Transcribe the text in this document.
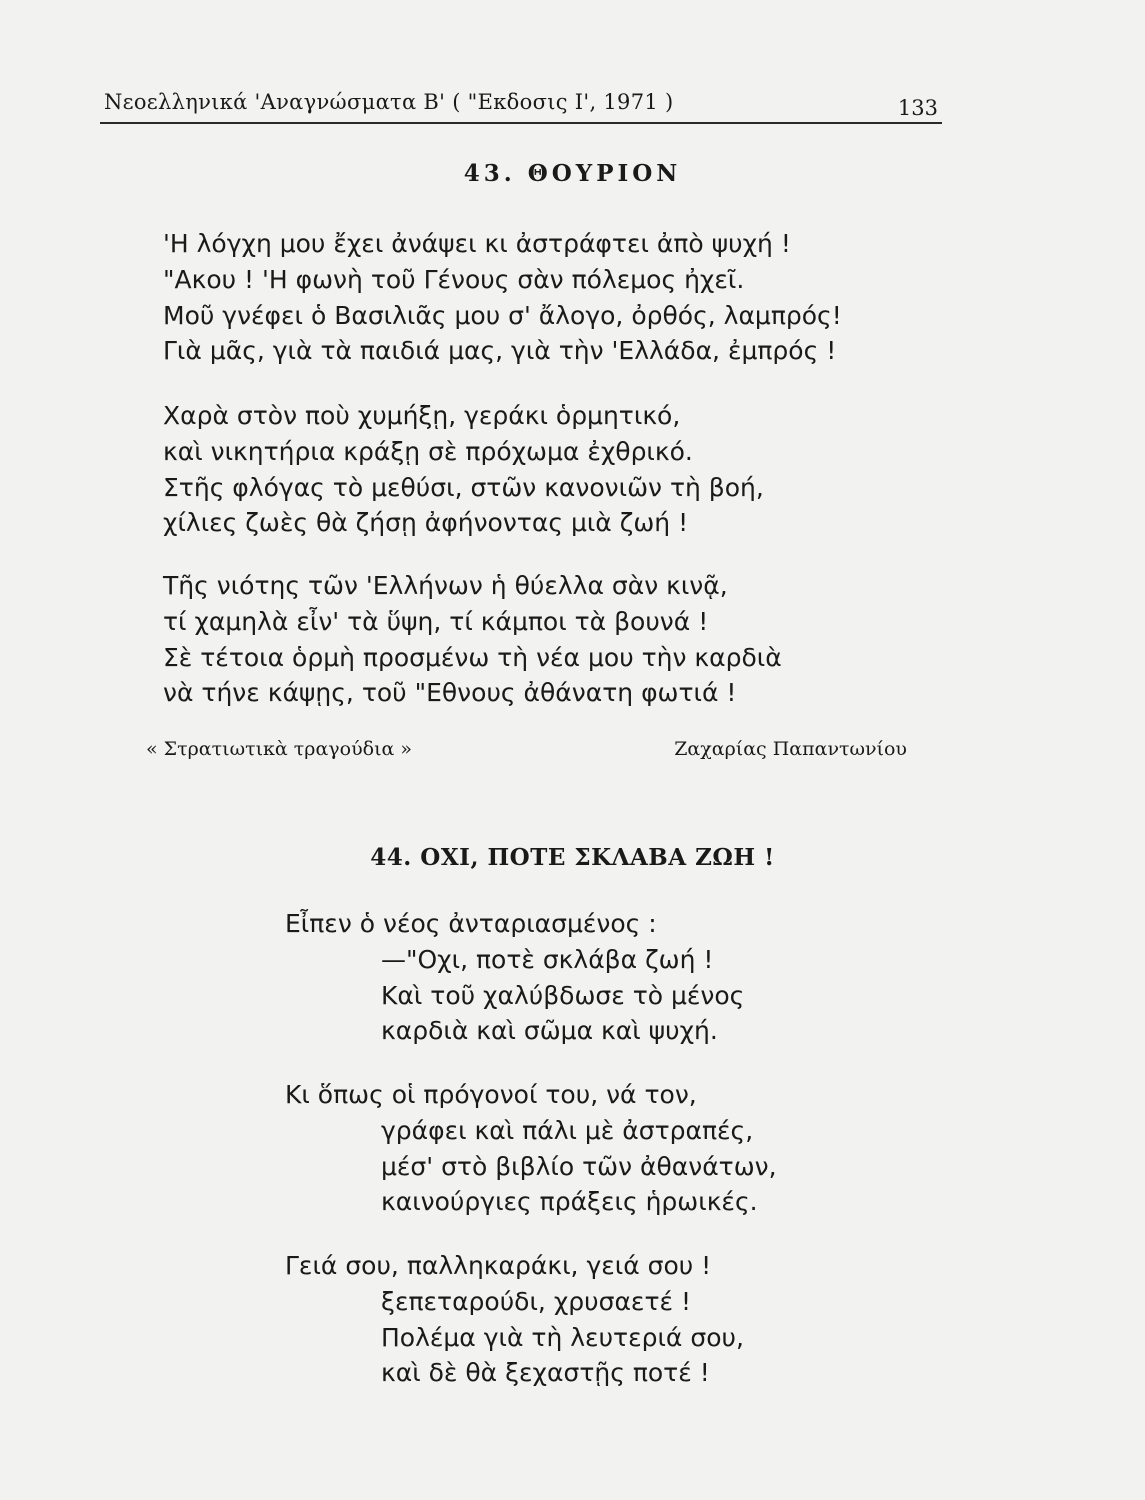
Νεοελληνικά 'Αναγνώσματα Β' ( "Εκδοσις Ι', 1971 )	133
43. ΘΟΥΡΙΟΝ
'Η λόγχη μου ἔχει ἀνάψει κι ἀστράφτει ἀπὸ ψυχή !
"Ακου ! 'Η φωνὴ τοῦ Γένους σὰν πόλεμος ἠχεῖ.
Μοῦ γνέφει ὁ Βασιλιᾶς μου σ' ἄλογο, ὀρθός, λαμπρός!
Γιὰ μᾶς, γιὰ τὰ παιδιά μας, γιὰ τὴν 'Ελλάδα, ἐμπρός !
Χαρὰ στὸν ποὺ χυμήξῃ, γεράκι ὁρμητικό,
καὶ νικητήρια κράξῃ σὲ πρόχωμα ἐχθρικό.
Στῆς φλόγας τὸ μεθύσι, στῶν κανονιῶν τὴ βοή,
χίλιες ζωὲς θὰ ζήσῃ ἀφήνοντας μιὰ ζωή !
Τῆς νιότης τῶν 'Ελλήνων ἡ θύελλα σὰν κινᾷ,
τί χαμηλὰ εἶν' τὰ ὕψη, τί κάμποι τὰ βουνά !
Σὲ τέτοια ὁρμὴ προσμένω τὴ νέα μου τὴν καρδιὰ
νὰ τήνε κάψῃς, τοῦ "Εθνους ἀθάνατη φωτιά !
« Στρατιωτικὰ τραγούδια »	Ζαχαρίας Παπαντωνίου
44. ΟΧΙ, ΠΟΤΕ ΣΚΛΑΒΑ ΖΩΗ !
Εἶπεν ὁ νέος ἀνταριασμένος :
—"Οχι, ποτὲ σκλάβα ζωή !
Καὶ τοῦ χαλύβδωσε τὸ μένος
καρδιὰ καὶ σῶμα καὶ ψυχή.
Κι ὅπως οἱ πρόγονοί του, νά τον,
γράφει καὶ πάλι μὲ ἀστραπές,
μέσ' στὸ βιβλίο τῶν ἀθανάτων,
καινούργιες πράξεις ἡρωικές.
Γειά σου, παλληκαράκι, γειά σου !
ξεπεταρούδι, χρυσαετέ !
Πολέμα γιὰ τὴ λευτεριά σου,
καὶ δὲ θὰ ξεχαστῇς ποτέ !
